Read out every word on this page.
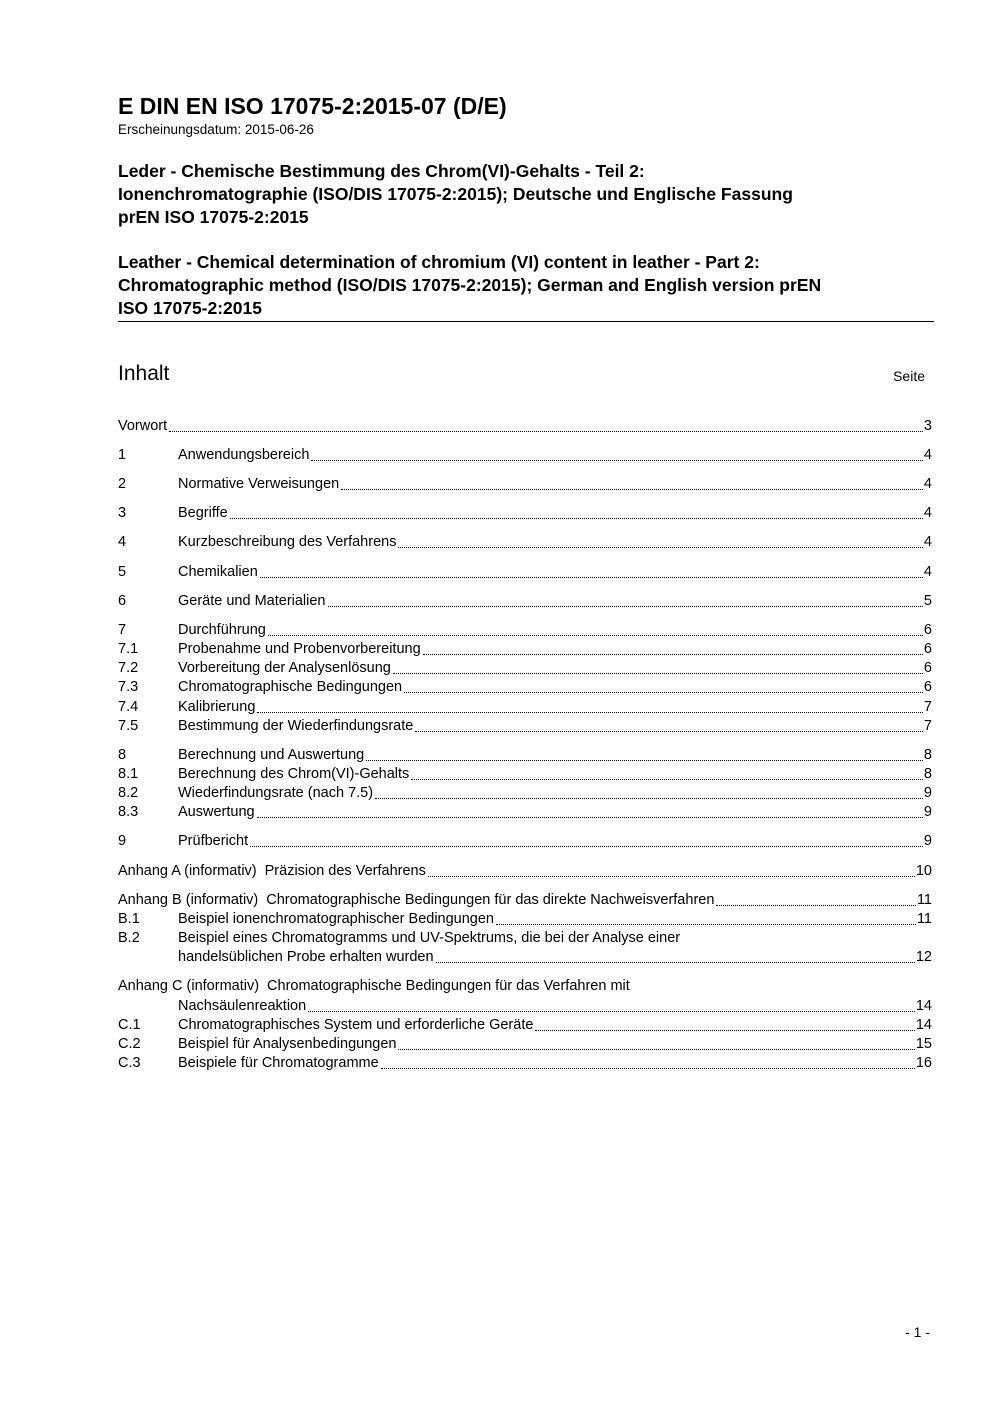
E DIN EN ISO 17075-2:2015-07 (D/E)
Erscheinungsdatum: 2015-06-26
Leder - Chemische Bestimmung des Chrom(VI)-Gehalts - Teil 2:
Ionenchromatographie (ISO/DIS 17075-2:2015); Deutsche und Englische Fassung
prEN ISO 17075-2:2015
Leather - Chemical determination of chromium (VI) content in leather - Part 2:
Chromatographic method (ISO/DIS 17075-2:2015); German and English version prEN
ISO 17075-2:2015
Inhalt	Seite
Vorwort	3
1	Anwendungsbereich	4
2	Normative Verweisungen	4
3	Begriffe	4
4	Kurzbeschreibung des Verfahrens	4
5	Chemikalien	4
6	Geräte und Materialien	5
7	Durchführung	6
7.1	Probenahme und Probenvorbereitung	6
7.2	Vorbereitung der Analysenlösung	6
7.3	Chromatographische Bedingungen	6
7.4	Kalibrierung	7
7.5	Bestimmung der Wiederfindungsrate	7
8	Berechnung und Auswertung	8
8.1	Berechnung des Chrom(VI)-Gehalts	8
8.2	Wiederfindungsrate (nach 7.5)	9
8.3	Auswertung	9
9	Prüfbericht	9
Anhang A (informativ) Präzision des Verfahrens	10
Anhang B (informativ) Chromatographische Bedingungen für das direkte Nachweisverfahren	11
B.1	Beispiel ionenchromatographischer Bedingungen	11
B.2	Beispiel eines Chromatogramms und UV-Spektrums, die bei der Analyse einer
handelsüblichen Probe erhalten wurden	12
Anhang C (informativ) Chromatographische Bedingungen für das Verfahren mit
Nachsäulenreaktion	14
C.1	Chromatographisches System und erforderliche Geräte	14
C.2	Beispiel für Analysenbedingungen	15
C.3	Beispiele für Chromatogramme	16
- 1 -
